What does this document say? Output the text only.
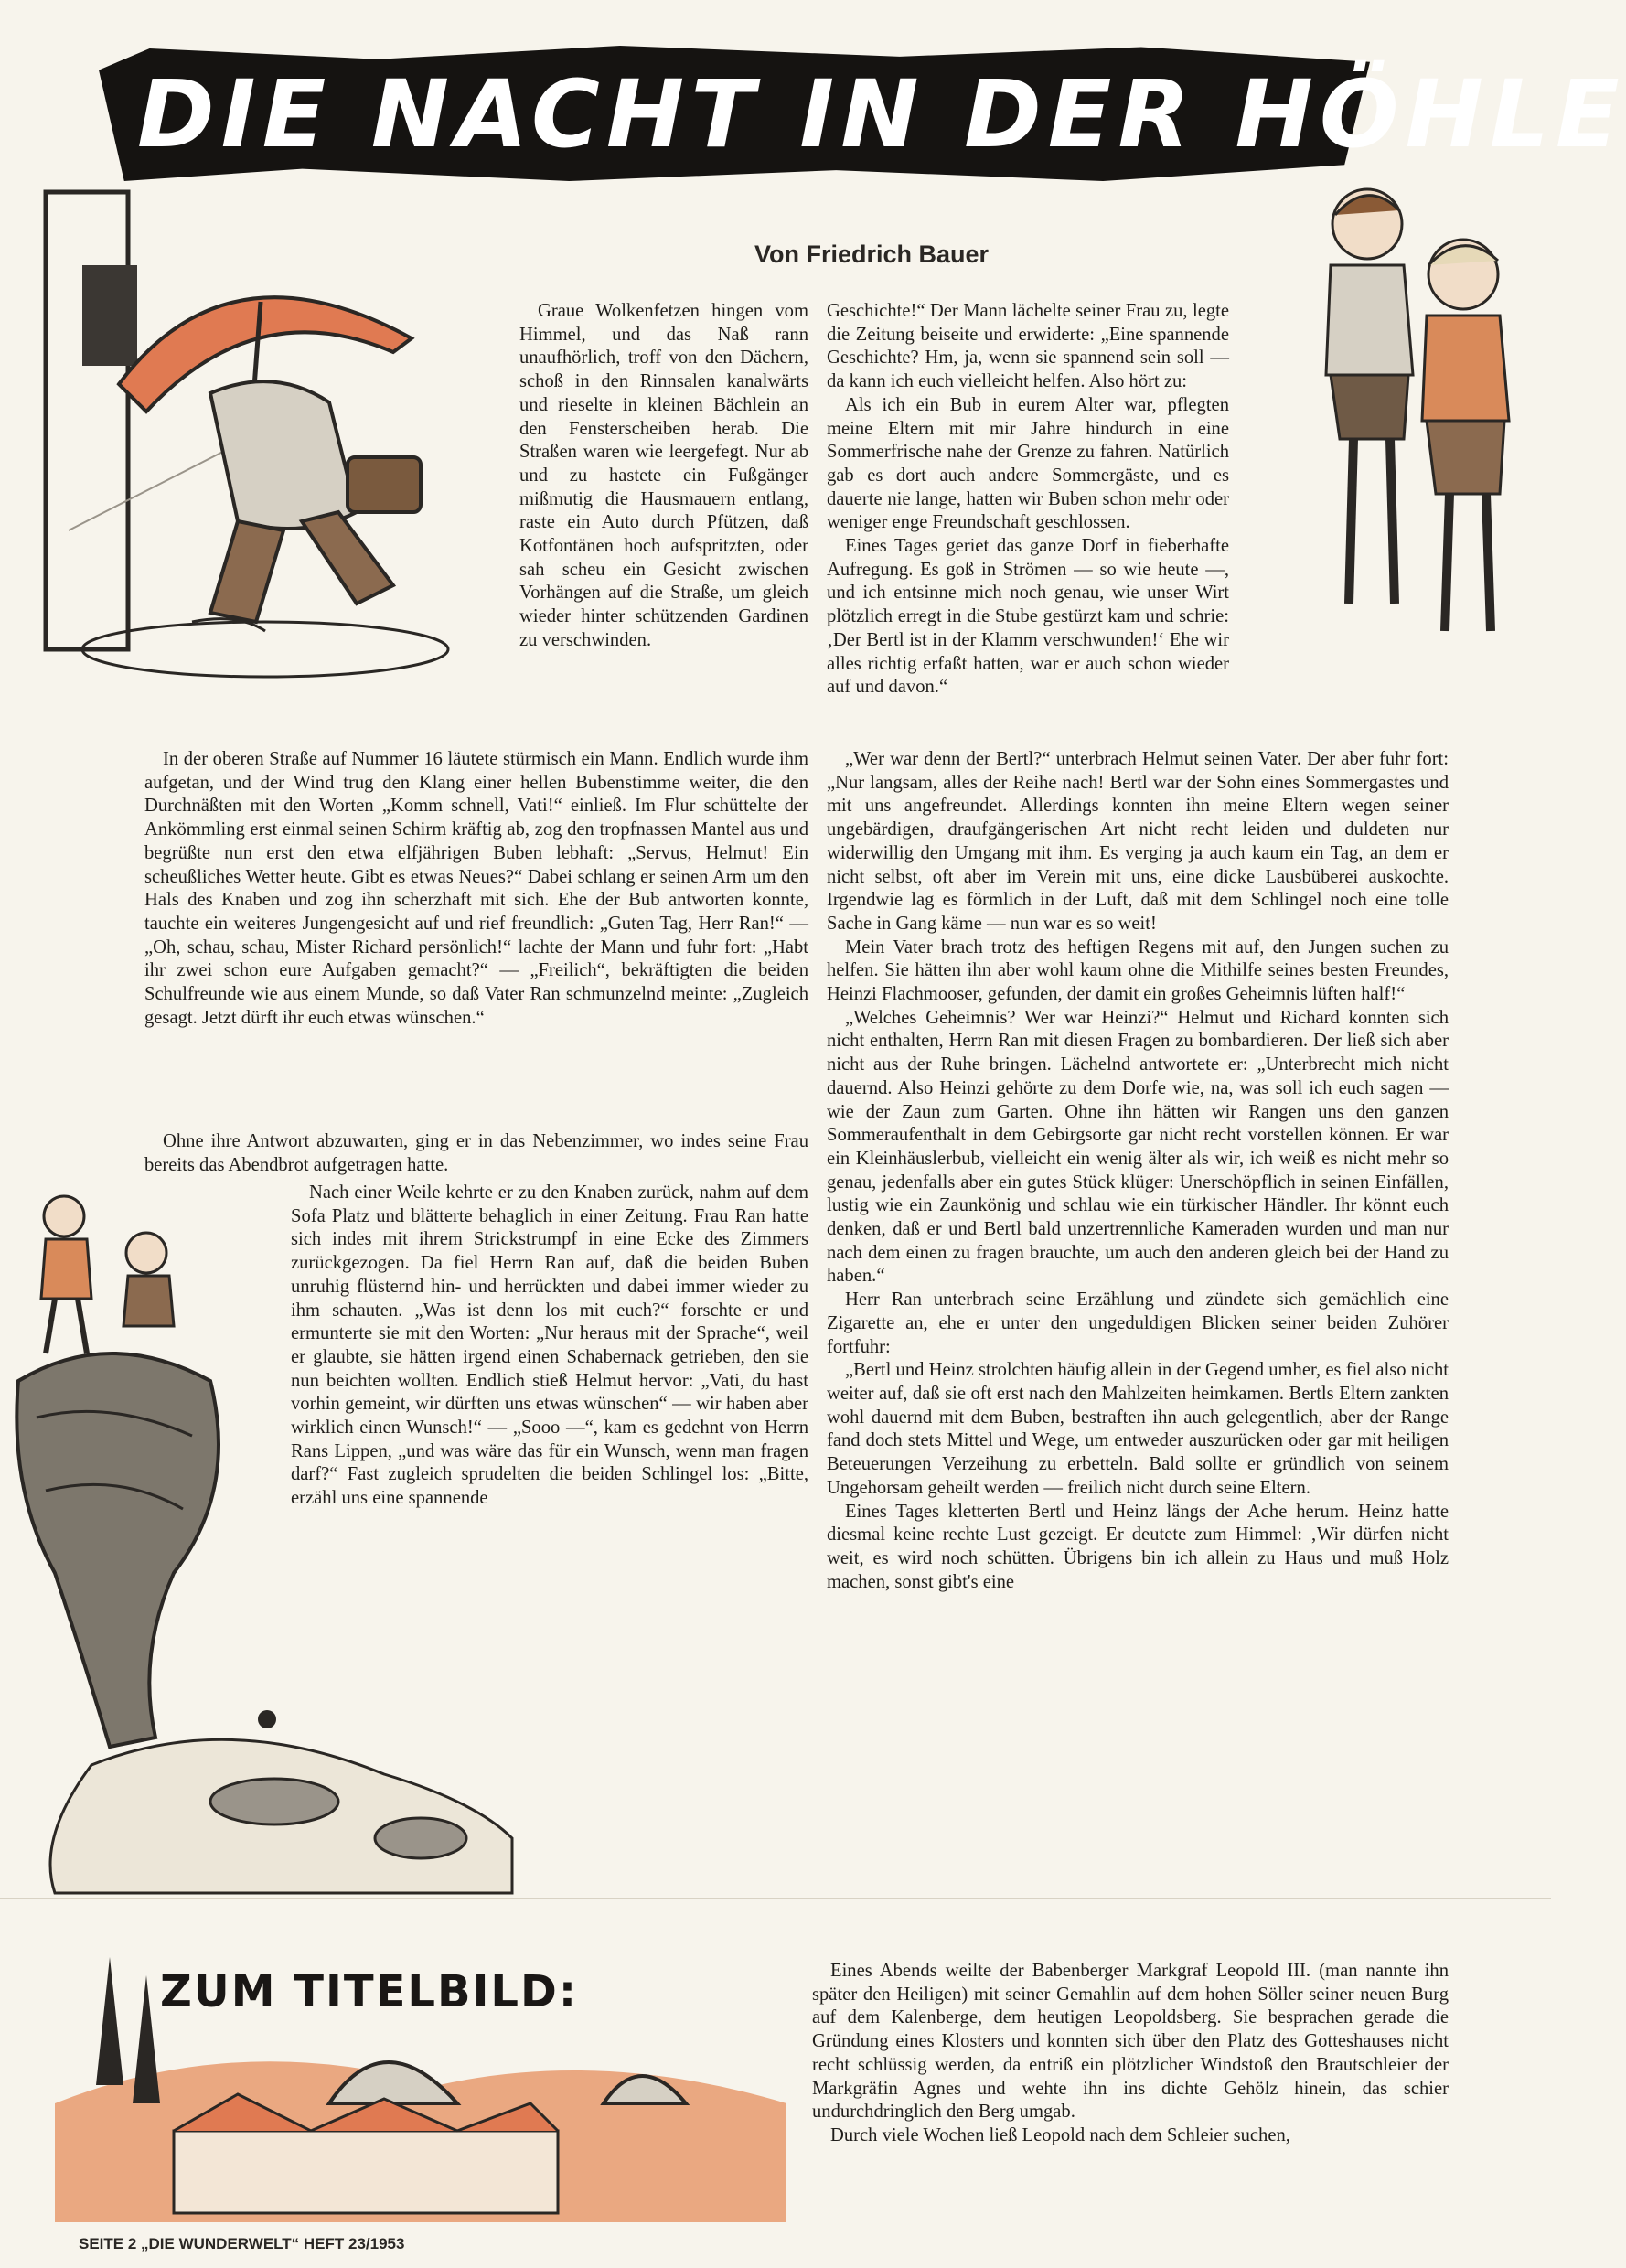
DIE NACHT IN DER HÖHLE
Von Friedrich Bauer

Graue Wolkenfetzen hingen vom Himmel, und das Naß rann unaufhörlich, troff von den Dächern, schoß in den Rinnsalen kanalwärts und rieselte in kleinen Bächlein an den Fensterscheiben herab. Die Straßen waren wie leergefegt. Nur ab und zu hastete ein Fußgänger mißmutig die Hausmauern entlang, raste ein Auto durch Pfützen, daß Kotfontänen hoch aufspritzten, oder sah scheu ein Gesicht zwischen Vorhängen auf die Straße, um gleich wieder hinter schützenden Gardinen zu verschwinden.

In der oberen Straße auf Nummer 16 läutete stürmisch ein Mann. Endlich wurde ihm aufgetan, und der Wind trug den Klang einer hellen Bubenstimme weiter, die den Durchnäßten mit den Worten „Komm schnell, Vati!“ einließ. Im Flur schüttelte der Ankömmling erst einmal seinen Schirm kräftig ab, zog den tropfnassen Mantel aus und begrüßte nun erst den etwa elfjährigen Buben lebhaft: „Servus, Helmut! Ein scheußliches Wetter heute. Gibt es etwas Neues?“ Dabei schlang er seinen Arm um den Hals des Knaben und zog ihn scherzhaft mit sich. Ehe der Bub antworten konnte, tauchte ein weiteres Jungengesicht auf und rief freundlich: „Guten Tag, Herr Ran!“ — „Oh, schau, schau, Mister Richard persönlich!“ lachte der Mann und fuhr fort: „Habt ihr zwei schon eure Aufgaben gemacht?“ — „Freilich“, bekräftigten die beiden Schulfreunde wie aus einem Munde, so daß Vater Ran schmunzelnd meinte: „Zugleich gesagt. Jetzt dürft ihr euch etwas wünschen.“

Ohne ihre Antwort abzuwarten, ging er in das Nebenzimmer, wo indes seine Frau bereits das Abendbrot aufgetragen hatte.

Nach einer Weile kehrte er zu den Knaben zurück, nahm auf dem Sofa Platz und blätterte behaglich in einer Zeitung. Frau Ran hatte sich indes mit ihrem Strickstrumpf in eine Ecke des Zimmers zurückgezogen. Da fiel Herrn Ran auf, daß die beiden Buben unruhig flüsternd hin- und herrückten und dabei immer wieder zu ihm schauten. „Was ist denn los mit euch?“ forschte er und ermunterte sie mit den Worten: „Nur heraus mit der Sprache“, weil er glaubte, sie hätten irgend einen Schabernack getrieben, den sie nun beichten wollten. Endlich stieß Helmut hervor: „Vati, du hast vorhin gemeint, wir dürften uns etwas wünschen“ — wir haben aber wirklich einen Wunsch!“ — „Sooo —“, kam es gedehnt von Herrn Rans Lippen, „und was wäre das für ein Wunsch, wenn man fragen darf?“ Fast zugleich sprudelten die beiden Schlingel los: „Bitte, erzähl uns eine spannende

Geschichte!“ Der Mann lächelte seiner Frau zu, legte die Zeitung beiseite und erwiderte: „Eine spannende Geschichte? Hm, ja, wenn sie spannend sein soll — da kann ich euch vielleicht helfen. Also hört zu:

Als ich ein Bub in eurem Alter war, pflegten meine Eltern mit mir Jahre hindurch in eine Sommerfrische nahe der Grenze zu fahren. Natürlich gab es dort auch andere Sommergäste, und es dauerte nie lange, hatten wir Buben schon mehr oder weniger enge Freundschaft geschlossen.

Eines Tages geriet das ganze Dorf in fieberhafte Aufregung. Es goß in Strömen — so wie heute —, und ich entsinne mich noch genau, wie unser Wirt plötzlich erregt in die Stube gestürzt kam und schrie: ‚Der Bertl ist in der Klamm verschwunden!‘ Ehe wir alles richtig erfaßt hatten, war er auch schon wieder auf und davon.“

„Wer war denn der Bertl?“ unterbrach Helmut seinen Vater. Der aber fuhr fort: „Nur langsam, alles der Reihe nach! Bertl war der Sohn eines Sommergastes und mit uns angefreundet. Allerdings konnten ihn meine Eltern wegen seiner ungebärdigen, draufgängerischen Art nicht recht leiden und duldeten nur widerwillig den Umgang mit ihm. Es verging ja auch kaum ein Tag, an dem er nicht selbst, oft aber im Verein mit uns, eine dicke Lausbüberei auskochte. Irgendwie lag es förmlich in der Luft, daß mit dem Schlingel noch eine tolle Sache in Gang käme — nun war es so weit!

Mein Vater brach trotz des heftigen Regens mit auf, den Jungen suchen zu helfen. Sie hätten ihn aber wohl kaum ohne die Mithilfe seines besten Freundes, Heinzi Flachmooser, gefunden, der damit ein großes Geheimnis lüften half!“

„Welches Geheimnis? Wer war Heinzi?“ Helmut und Richard konnten sich nicht enthalten, Herrn Ran mit diesen Fragen zu bombardieren. Der ließ sich aber nicht aus der Ruhe bringen. Lächelnd antwortete er: „Unterbrecht mich nicht dauernd. Also Heinzi gehörte zu dem Dorfe wie, na, was soll ich euch sagen — wie der Zaun zum Garten. Ohne ihn hätten wir Rangen uns den ganzen Sommeraufenthalt in dem Gebirgsorte gar nicht recht vorstellen können. Er war ein Kleinhäuslerbub, vielleicht ein wenig älter als wir, ich weiß es nicht mehr so genau, jedenfalls aber ein gutes Stück klüger: Unerschöpflich in seinen Einfällen, lustig wie ein Zaunkönig und schlau wie ein türkischer Händler. Ihr könnt euch denken, daß er und Bertl bald unzertrennliche Kameraden wurden und man nur nach dem einen zu fragen brauchte, um auch den anderen gleich bei der Hand zu haben.“

Herr Ran unterbrach seine Erzählung und zündete sich gemächlich eine Zigarette an, ehe er unter den ungeduldigen Blicken seiner beiden Zuhörer fortfuhr:

„Bertl und Heinz strolchten häufig allein in der Gegend umher, es fiel also nicht weiter auf, daß sie oft erst nach den Mahlzeiten heimkamen. Bertls Eltern zankten wohl dauernd mit dem Buben, bestraften ihn auch gelegentlich, aber der Range fand doch stets Mittel und Wege, um entweder auszurücken oder gar mit heiligen Beteuerungen Verzeihung zu erbetteln. Bald sollte er gründlich von seinem Ungehorsam geheilt werden — freilich nicht durch seine Eltern.

Eines Tages kletterten Bertl und Heinz längs der Ache herum. Heinz hatte diesmal keine rechte Lust gezeigt. Er deutete zum Himmel: ‚Wir dürfen nicht weit, es wird noch schütten. Übrigens bin ich allein zu Haus und muß Holz machen, sonst gibt's eine

ZUM TITELBILD:	Eines Abends weilte der Babenberger Markgraf Leopold III. (man nannte ihn später den Heiligen) mit seiner Gemahlin auf dem hohen Söller seiner neuen Burg auf dem Kalenberge, dem heutigen Leopoldsberg. Sie besprachen gerade die Gründung eines Klosters und konnten sich über den Platz des Gotteshauses nicht recht schlüssig werden, da entriß ein plötzlicher Windstoß den Brautschleier der Markgräfin Agnes und wehte ihn ins dichte Gehölz hinein, das schier undurchdringlich den Berg umgab.

Durch viele Wochen ließ Leopold nach dem Schleier suchen,

SEITE 2 „DIE WUNDERWELT“ HEFT 23/1953
